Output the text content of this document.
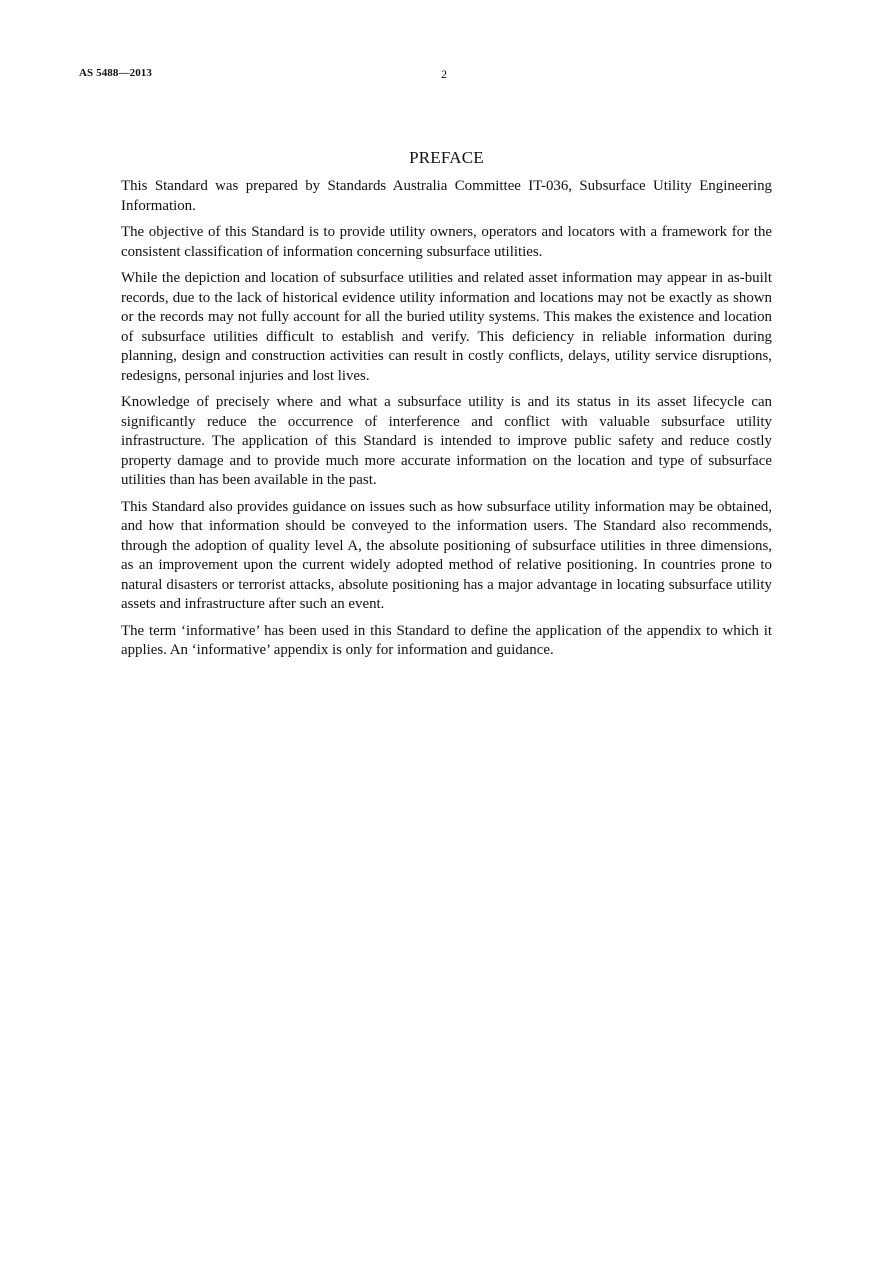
AS 5488—2013	2
PREFACE

This Standard was prepared by Standards Australia Committee IT-036, Subsurface Utility Engineering Information.

The objective of this Standard is to provide utility owners, operators and locators with a framework for the consistent classification of information concerning subsurface utilities.

While the depiction and location of subsurface utilities and related asset information may appear in as-built records, due to the lack of historical evidence utility information and locations may not be exactly as shown or the records may not fully account for all the buried utility systems. This makes the existence and location of subsurface utilities difficult to establish and verify. This deficiency in reliable information during planning, design and construction activities can result in costly conflicts, delays, utility service disruptions, redesigns, personal injuries and lost lives.

Knowledge of precisely where and what a subsurface utility is and its status in its asset lifecycle can significantly reduce the occurrence of interference and conflict with valuable subsurface utility infrastructure. The application of this Standard is intended to improve public safety and reduce costly property damage and to provide much more accurate information on the location and type of subsurface utilities than has been available in the past.

This Standard also provides guidance on issues such as how subsurface utility information may be obtained, and how that information should be conveyed to the information users. The Standard also recommends, through the adoption of quality level A, the absolute positioning of subsurface utilities in three dimensions, as an improvement upon the current widely adopted method of relative positioning. In countries prone to natural disasters or terrorist attacks, absolute positioning has a major advantage in locating subsurface utility assets and infrastructure after such an event.

The term ‘informative’ has been used in this Standard to define the application of the appendix to which it applies. An ‘informative’ appendix is only for information and guidance.
